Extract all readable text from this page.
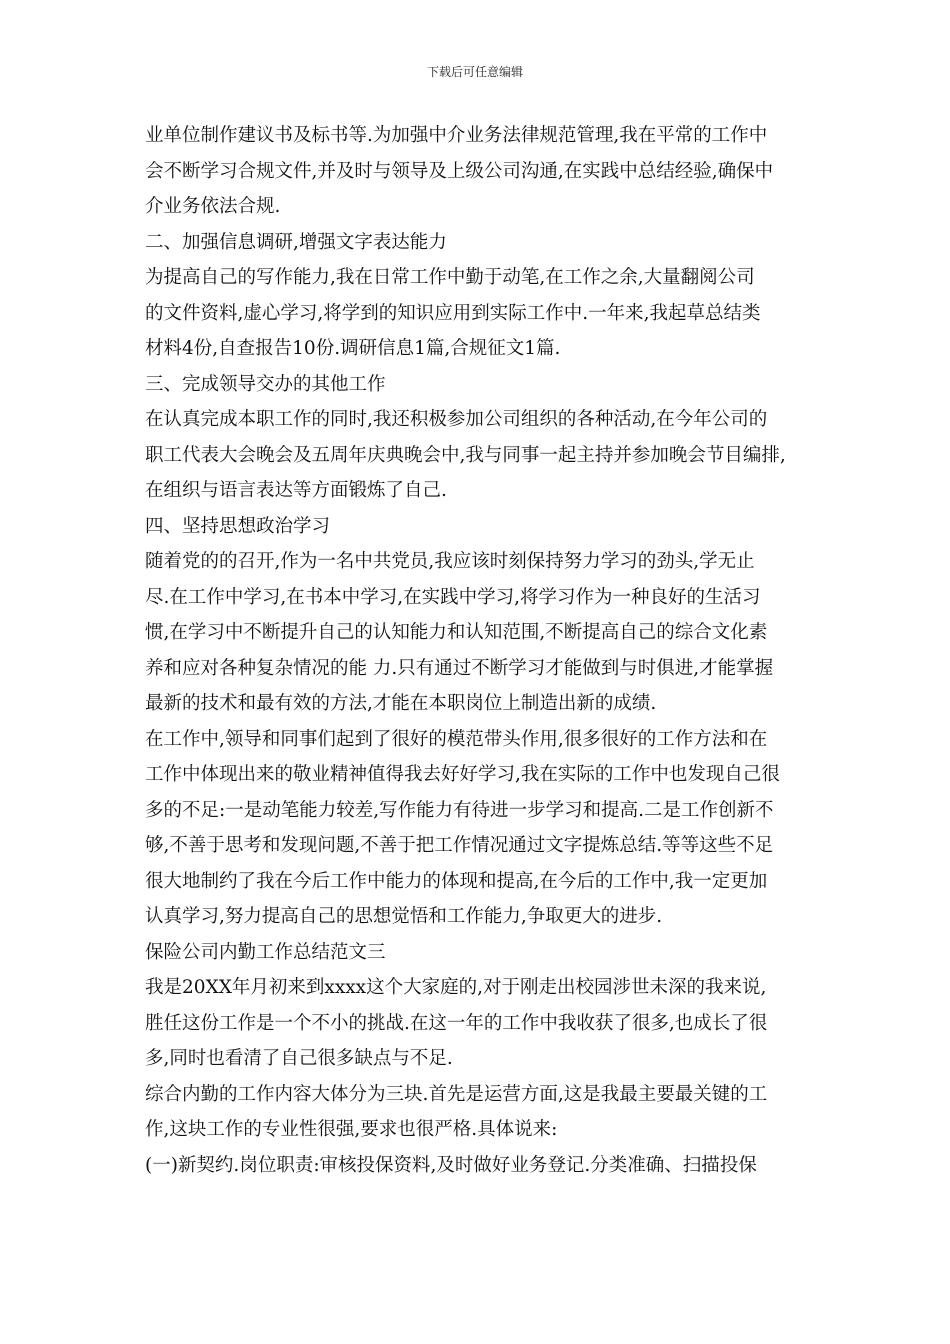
下载后可任意编辑
业单位制作建议书及标书等.为加强中介业务法律规范管理,我在平常的工作中
会不断学习合规文件,并及时与领导及上级公司沟通,在实践中总结经验,确保中
介业务依法合规.
二、加强信息调研,增强文字表达能力
为提高自己的写作能力,我在日常工作中勤于动笔,在工作之余,大量翻阅公司
的文件资料,虚心学习,将学到的知识应用到实际工作中.一年来,我起草总结类
材料4份,自查报告10份.调研信息1篇,合规征文1篇.
三、完成领导交办的其他工作
在认真完成本职工作的同时,我还积极参加公司组织的各种活动,在今年公司的
职工代表大会晚会及五周年庆典晚会中,我与同事一起主持并参加晚会节目编排,
在组织与语言表达等方面锻炼了自己.
四、坚持思想政治学习
随着党的的召开,作为一名中共党员,我应该时刻保持努力学习的劲头,学无止
尽.在工作中学习,在书本中学习,在实践中学习,将学习作为一种良好的生活习
惯,在学习中不断提升自己的认知能力和认知范围,不断提高自己的综合文化素
养和应对各种复杂情况的能 力.只有通过不断学习才能做到与时俱进,才能掌握
最新的技术和最有效的方法,才能在本职岗位上制造出新的成绩.
在工作中,领导和同事们起到了很好的模范带头作用,很多很好的工作方法和在
工作中体现出来的敬业精神值得我去好好学习,我在实际的工作中也发现自己很
多的不足:一是动笔能力较差,写作能力有待进一步学习和提高.二是工作创新不
够,不善于思考和发现问题,不善于把工作情况通过文字提炼总结.等等这些不足
很大地制约了我在今后工作中能力的体现和提高,在今后的工作中,我一定更加
认真学习,努力提高自己的思想觉悟和工作能力,争取更大的进步.
保险公司内勤工作总结范文三
我是20XX年月初来到xxxx这个大家庭的,对于刚走出校园涉世未深的我来说,
胜任这份工作是一个不小的挑战.在这一年的工作中我收获了很多,也成长了很
多,同时也看清了自己很多缺点与不足.
综合内勤的工作内容大体分为三块.首先是运营方面,这是我最主要最关键的工
作,这块工作的专业性很强,要求也很严格.具体说来:
(一)新契约.岗位职责:审核投保资料,及时做好业务登记.分类准确、扫描投保
